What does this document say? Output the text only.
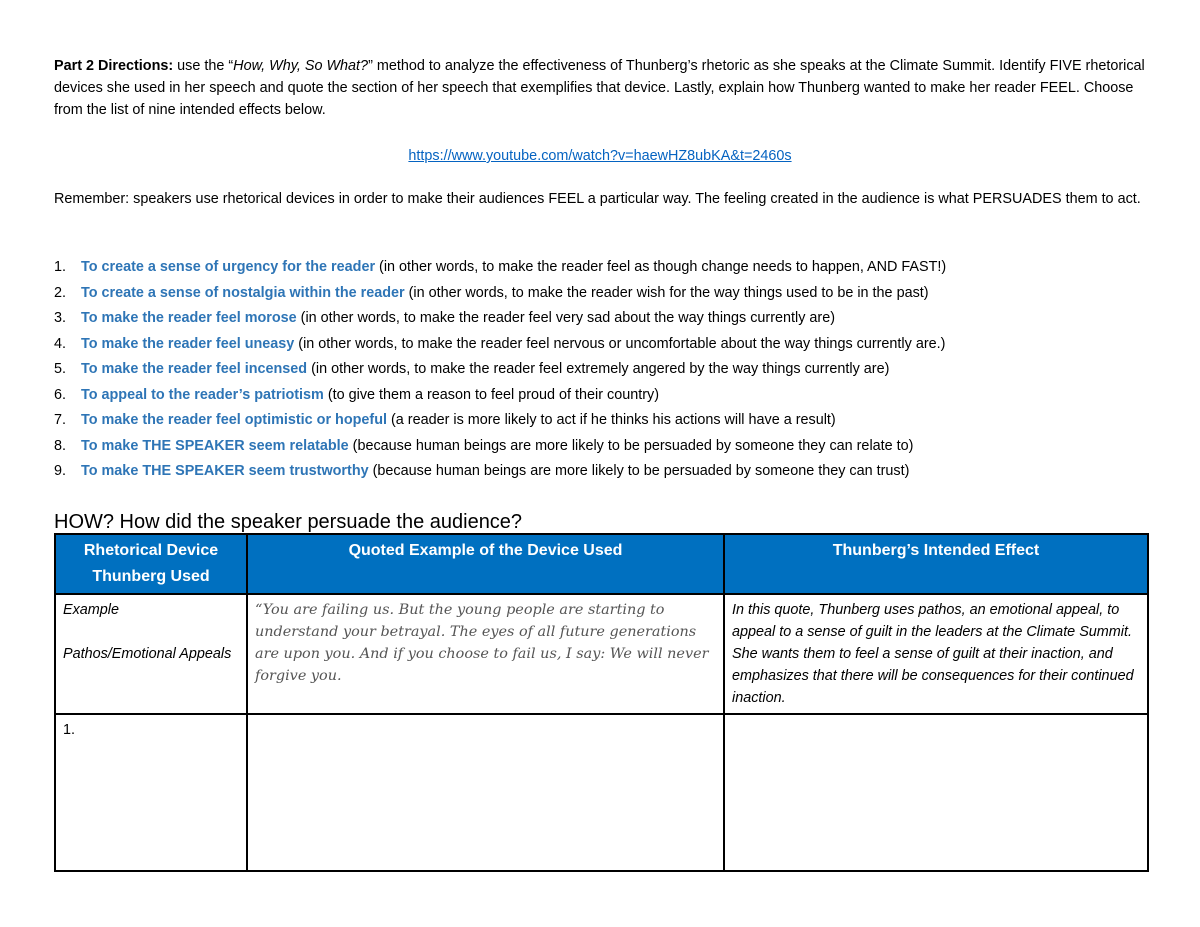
Part 2 Directions: use the “How, Why, So What?” method to analyze the effectiveness of Thunberg’s rhetoric as she speaks at the Climate Summit. Identify FIVE rhetorical devices she used in her speech and quote the section of her speech that exemplifies that device. Lastly, explain how Thunberg wanted to make her reader FEEL. Choose from the list of nine intended effects below.
https://www.youtube.com/watch?v=haewHZ8ubKA&t=2460s
Remember: speakers use rhetorical devices in order to make their audiences FEEL a particular way. The feeling created in the audience is what PERSUADES them to act.
1. To create a sense of urgency for the reader (in other words, to make the reader feel as though change needs to happen, AND FAST!)
2. To create a sense of nostalgia within the reader (in other words, to make the reader wish for the way things used to be in the past)
3. To make the reader feel morose (in other words, to make the reader feel very sad about the way things currently are)
4. To make the reader feel uneasy (in other words, to make the reader feel nervous or uncomfortable about the way things currently are.)
5. To make the reader feel incensed (in other words, to make the reader feel extremely angered by the way things currently are)
6. To appeal to the reader’s patriotism (to give them a reason to feel proud of their country)
7. To make the reader feel optimistic or hopeful (a reader is more likely to act if he thinks his actions will have a result)
8. To make THE SPEAKER seem relatable (because human beings are more likely to be persuaded by someone they can relate to)
9. To make THE SPEAKER seem trustworthy (because human beings are more likely to be persuaded by someone they can trust)
HOW? How did the speaker persuade the audience?
Rhetorical Device Thunberg Used	Quoted Example of the Device Used	Thunberg’s Intended Effect

Example
Pathos/Emotional Appeals	“You are failing us. But the young people are starting to understand your betrayal. The eyes of all future generations are upon you. And if you choose to fail us, I say: We will never forgive you.	In this quote, Thunberg uses pathos, an emotional appeal, to appeal to a sense of guilt in the leaders at the Climate Summit. She wants them to feel a sense of guilt at their inaction, and emphasizes that there will be consequences for their continued inaction.
1.		
